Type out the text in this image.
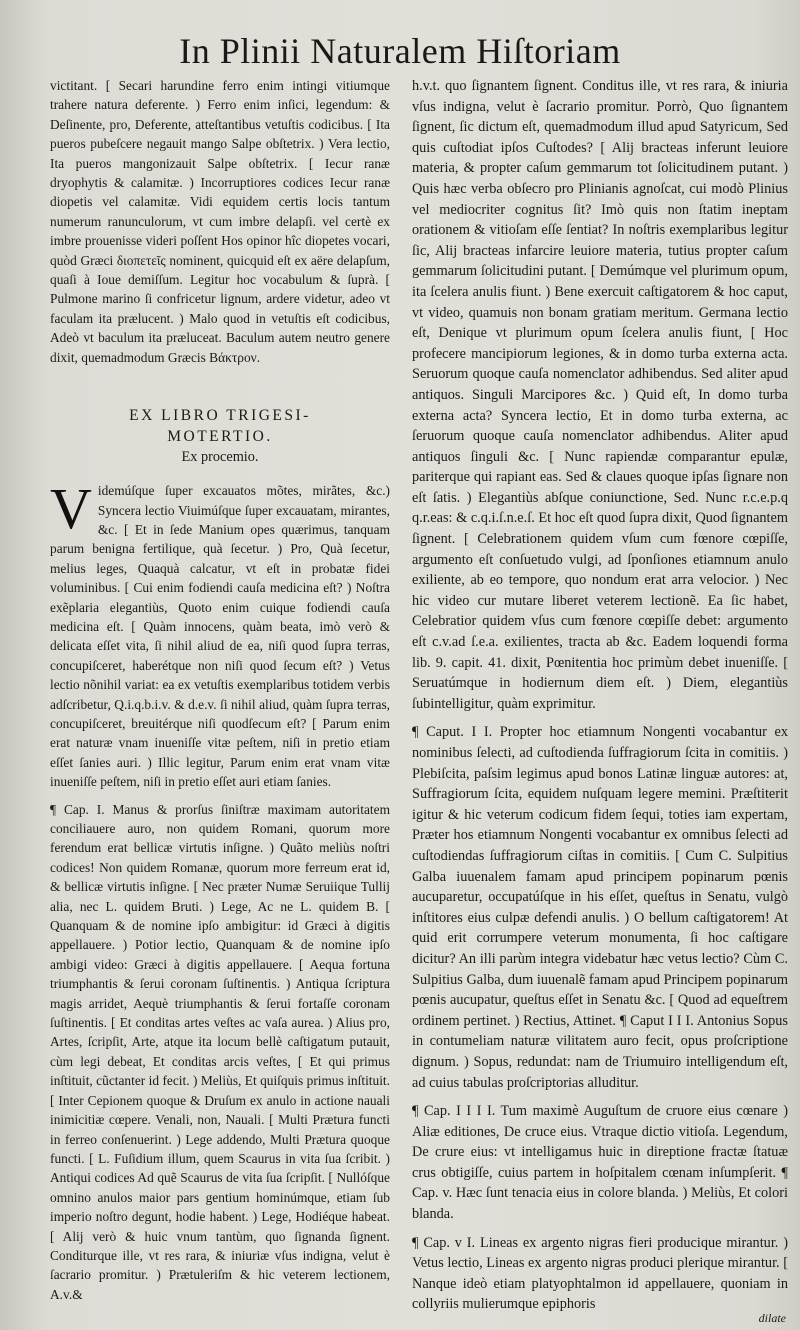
In Plinii Naturalem Hiſtoriam

victitant. [ Secari harundine ferro enim intingi vitiumque trahere natura deferente. ) Ferro enim inſici, legendum: & Deſinente, pro, Deferente, atteſtantibus vetuſtis codicibus. [ Ita pueros pubeſcere negauit mango Salpe obſtetrix. ) Vera lectio, Ita pueros mangonizauit Salpe obſtetrix. [ Iecur ranæ dryophytis & calamitæ. ) Incorruptiores codices Iecur ranæ diopetis vel calamitæ. Vidi equidem certis locis tantum numerum ranunculorum, vt cum imbre delapſi. vel certè ex imbre prouenisse videri poſſent Hos opinor hîc diopetes vocari, quòd Græci διοπετεῖς nominent, quicquid eſt ex aëre delapſum, quaſi à Ioue demiſſum. Legitur hoc vocabulum & ſuprà. [ Pulmone marino ſi confricetur lignum, ardere videtur, adeo vt faculam ita prælucent. ) Malo quod in vetuſtis eſt codicibus, Adeò vt baculum ita præluceat. Baculum autem neutro genere dixit, quemadmodum Græcis Βάκτρον.

EX LIBRO TRIGESI-
MOTERTIO.
Ex procemio.

Videmúſque ſuper excauatos mõtes, mirãtes, &c.) Syncera lectio Viuimúſque ſuper excauatam, mirantes, &c. [ Et in ſede Manium opes quærimus, tanquam parum benigna fertilique, quà ſecetur. ) Pro, Quà ſecetur, melius leges, Quaquà calcatur, vt eſt in probatæ fidei voluminibus. [ Cui enim fodiendi cauſa medicina eſt? ) Noſtra exẽplaria elegantiùs, Quoto enim cuique fodiendi cauſa medicina eſt. [ Quàm innocens, quàm beata, imò verò & delicata eſſet vita, ſi nihil aliud de ea, niſi quod ſupra terras, concupiſceret, haberétque non niſi quod ſecum eſt? ) Vetus lectio nõnihil variat: ea ex vetuſtis exemplaribus totidem verbis adſcribetur, Q.i.q.b.i.v. & d.e.v. ſi nihil aliud, quàm ſupra terras, concupiſceret, breuitérque niſi quodſecum eſt? [ Parum enim erat naturæ vnam inueniſſe vitæ peſtem, niſi in pretio etiam eſſet ſanies auri. ) Illic legitur, Parum enim erat vnam vitæ inueniſſe peſtem, niſi in pretio eſſet auri etiam ſanies.

¶ Cap. I. Manus & prorſus ſiniſtræ maximam autoritatem conciliauere auro, non quidem Romani, quorum more ferendum erat bellicæ virtutis inſigne. ) Quãto meliùs noſtri codices! Non quidem Romanæ, quorum more ferreum erat id, & bellicæ virtutis inſigne. [ Nec præter Numæ Seruiique Tullij alia, nec L. quidem Bruti. ) Lege, Ac ne L. quidem B. [ Quanquam & de nomine ipſo ambigitur: id Græci à digitis appellauere. ) Potior lectio, Quanquam & de nomine ipſo ambigi video: Græci à digitis appellauere. [ Aequa fortuna triumphantis & ſerui coronam ſuſtinentis. ) Antiqua ſcriptura magis arridet, Aequè triumphantis & ſerui fortaſſe coronam ſuſtinentis. [ Et conditas artes veſtes ac vaſa aurea. ) Alius pro, Artes, ſcripſit, Arte, atque ita locum bellè caſtigatum putauit, cùm legi debeat, Et conditas arcis veſtes, [ Et qui primus inſtituit, cũctanter id fecit. ) Meliùs, Et quiſquis primus inſtituit. [ Inter Cepionem quoque & Druſum ex anulo in actione nauali inimicitiæ cœpere. Venali, non, Nauali. [ Multi Prætura functi in ferreo conſenuerint. ) Lege addendo, Multi Prætura quoque functi. [ L. Fuſidium illum, quem Scaurus in vita ſua ſcribit. ) Antiqui codices Ad quẽ Scaurus de vita ſua ſcripſit. [ Nullóſque omnino anulos maior pars gentium hominúmque, etiam ſub imperio noſtro degunt, hodie habent. ) Lege, Hodiéque habeat. [ Alij verò & huic vnum tantùm, quo ſignanda ſignent. Conditurque ille, vt res rara, & iniuriæ vſus indigna, velut è ſacrario promitur. ) Prætuleriſm & hic veterem lectionem, A.v.&

h.v.t. quo ſignantem ſignent. Conditus ille, vt res rara, & iniuria vſus indigna, velut è ſacrario promitur. Porrò, Quo ſignantem ſignent, ſic dictum eſt, quemadmodum illud apud Satyricum, Sed quis cuſtodiat ipſos Cuſtodes? [ Alij bracteas inferunt leuiore materia, & propter caſum gemmarum tot ſolicitudinem putant. ) Quis hæc verba obſecro pro Plinianis agnoſcat, cui modò Plinius vel mediocriter cognitus ſit? Imò quis non ſtatim ineptam orationem & vitioſam eſſe ſentiat? In noſtris exemplaribus legitur ſic, Alij bracteas infarcire leuiore materia, tutius propter caſum gemmarum ſolicitudini putant. [ Demúmque vel plurimum opum, ita ſcelera anulis fiunt. ) Bene exercuit caſtigatorem & hoc caput, vt video, quamuis non bonam gratiam meritum. Germana lectio eſt, Denique vt plurimum opum ſcelera anulis fiunt, [ Hoc profecere mancipiorum legiones, & in domo turba externa acta. Seruorum quoque cauſa nomenclator adhibendus. Sed aliter apud antiquos. Singuli Marcipores &c. ) Quid eſt, In domo turba externa acta? Syncera lectio, Et in domo turba externa, ac ſeruorum quoque cauſa nomenclator adhibendus. Aliter apud antiquos ſinguli &c. [ Nunc rapiendæ comparantur epulæ, pariterque qui rapiant eas. Sed & claues quoque ipſas ſignare non eſt ſatis. ) Elegantiùs abſque coniunctione, Sed. Nunc r.c.e.p.q q.r.eas: & c.q.i.ſ.n.e.ſ. Et hoc eſt quod ſupra dixit, Quod ſignantem ſignent. [ Celebrationem quidem vſum cum fœnore cœpiſſe, argumento eſt conſuetudo vulgi, ad ſponſiones etiamnum anulo exiliente, ab eo tempore, quo nondum erat arra velocior. ) Nec hic video cur mutare liberet veterem lectionẽ. Ea ſic habet, Celebratior quidem vſus cum fœnore cœpiſſe debet: argumento eſt c.v.ad ſ.e.a. exilientes, tracta ab &c. Eadem loquendi forma lib. 9. capit. 41. dixit, Pœnitentia hoc primùm debet inueniſſe. [ Seruatúmque in hodiernum diem eſt. ) Diem, elegantiùs ſubintelligitur, quàm exprimitur.

¶ Caput. I I. Propter hoc etiamnum Nongenti vocabantur ex nominibus ſelecti, ad cuſtodienda ſuffragiorum ſcita in comitiis. ) Plebiſcita, paſsim legimus apud bonos Latinæ linguæ autores: at, Suffragiorum ſcita, equidem nuſquam legere memini. Præſtiterit igitur & hic veterum codicum fidem ſequi, toties iam expertam, Præter hos etiamnum Nongenti vocabantur ex omnibus ſelecti ad cuſtodiendas ſuffragiorum ciſtas in comitiis. [ Cum C. Sulpitius Galba iuuenalem famam apud principem popinarum pœnis aucuparetur, occupatúſque in his eſſet, queſtus in Senatu, vulgò inſtitores eius culpæ defendi anulis. ) O bellum caſtigatorem! At quid erit corrumpere veterum monumenta, ſi hoc caſtigare dicitur? An illi parùm integra videbatur hæc vetus lectio? Cùm C. Sulpitius Galba, dum iuuenalẽ famam apud Principem popinarum pœnis aucupatur, queſtus eſſet in Senatu &c. [ Quod ad equeſtrem ordinem pertinet. ) Rectius, Attinet. ¶ Caput I I I. Antonius Sopus in contumeliam naturæ vilitatem auro fecit, opus proſcriptione dignum. ) Sopus, redundat: nam de Triumuiro intelligendum eſt, ad cuius tabulas proſcriptorias alluditur.

¶ Cap. I I I I. Tum maximè Auguſtum de cruore eius cœnare ) Aliæ editiones, De cruce eius. Vtraque dictio vitioſa. Legendum, De crure eius: vt intelligamus huic in direptione fractæ ſtatuæ crus obtigiſſe, cuius partem in hoſpitalem cœnam inſumpſerit. ¶ Cap. v. Hæc ſunt tenacia eius in colore blanda. ) Meliùs, Et colori blanda.

¶ Cap. v I. Lineas ex argento nigras fieri producique mirantur. ) Vetus lectio, Lineas ex argento nigras produci plerique mirantur. [ Nanque ideò etiam platyophtalmon id appellauere, quoniam in collyriis mulierumque epiphoris

dilate
